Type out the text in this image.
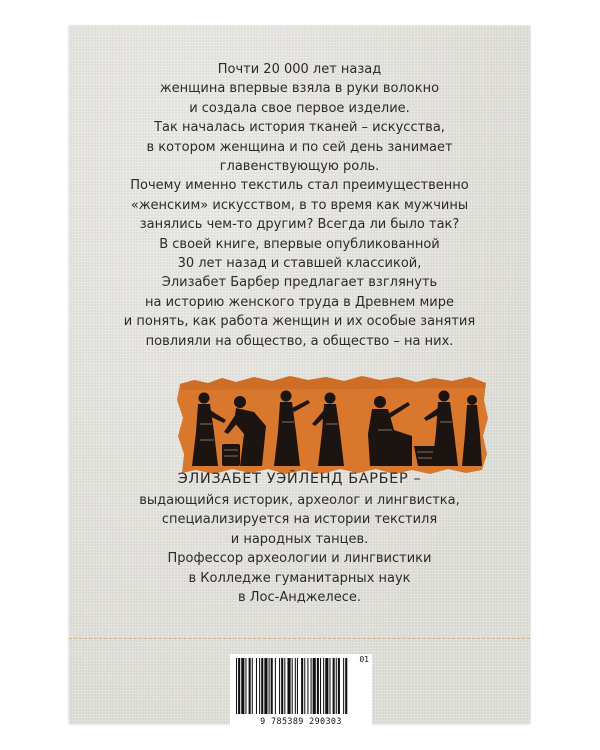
Почти 20 000 лет назад
женщина впервые взяла в руки волокно
и создала свое первое изделие.
Так началась история тканей – искусства,
в котором женщина и по сей день занимает
главенствующую роль.
Почему именно текстиль стал преимущественно
«женским» искусством, в то время как мужчины
занялись чем-то другим? Всегда ли было так?
В своей книге, впервые опубликованной
30 лет назад и ставшей классикой,
Элизабет Барбер предлагает взглянуть
на историю женского труда в Древнем мире
и понять, как работа женщин и их особые занятия
повлияли на общество, а общество – на них.
ЭЛИЗАБЕТ УЭЙЛЕНД БАРБЕР –
выдающийся историк, археолог и лингвистка,
специализируется на истории текстиля
и народных танцев.
Профессор археологии и лингвистики
в Колледже гуманитарных наук
в Лос-Анджелесе.
01
9 785389 290303
